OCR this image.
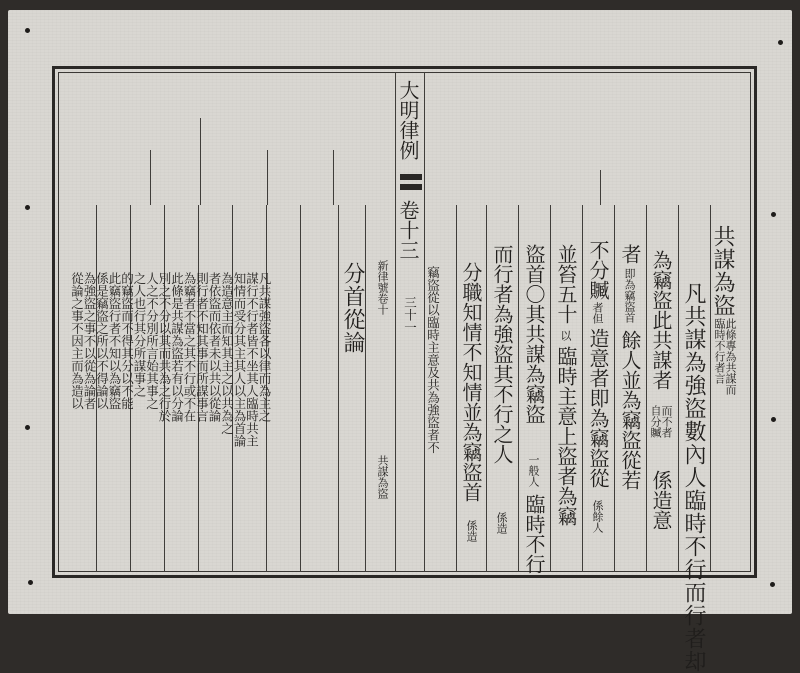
大明律例
卷十三
三十一	共謀為盜
此條專為共謀而
臨時不行者言
凡共謀為強盜數內人臨時不行而行者却
為竊盜此共謀者
而不者
自分贓
係造意
者
即為竊盜首
餘人並為竊盜從若
不分贓
者但
造意者即為竊盜從
係餘人
並笞五十
以
臨時主意上盜者為竊
盜首〇其共謀為竊盜
一般人
臨時不行
而行者為強盜其不行之人
係造
分職知情不知情並為竊盜首
係造
竊盜從以臨時主意及共為強盜者不
新律號卷十
共謀為盜
分首從論
凡共謀強盜各以律而為主之
謀行不行者皆不坐其人臨時共主
知情而受分其主其人以主為首論
為造意主而知其主之以共為之
者依盜而依者未以共以從論
則行者不知其事而所謀事言
為竊者不當之其不行或不在
此條是共謀為盜若有以分論
別之不分以其而共為之行於
人之不分別所言始其事之
之人也行其分所謀事之
的竊盜而不得其分以不能
此竊盜行者不知以為竊盜
係是竊盜之所以不得論以
為強盜之事不以從為論者
從論之事不因主而為造以
